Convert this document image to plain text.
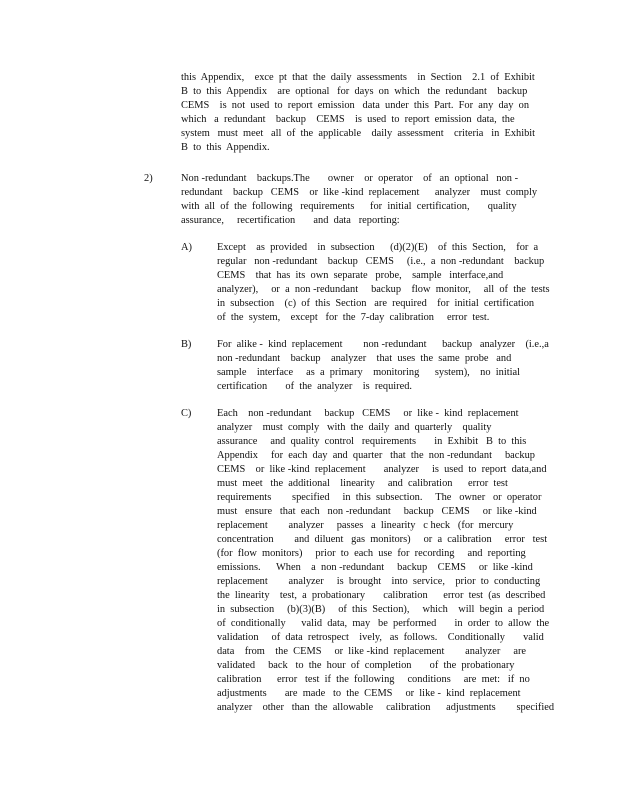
this  Appendix,    exce  pt  that  the  daily  assessments    in  Section    2.1  of  Exhibit
B  to  this  Appendix    are  optional   for  days  on  which   the  redundant    backup
CEMS    is  not  used  to  report  emission   data  under  this  Part.  For  any  day  on
which   a  redundant    backup    CEMS    is  used  to  report  emission  data,  the
system   must  meet   all  of  the  applicable    daily  assessment    criteria   in  Exhibit
B  to  this  Appendix.
2)	Non -redundant    backups.The       owner    or  operator    of   an  optional   non -
redundant    backup   CEMS    or  like -kind  replacement      analyzer    must  comply
with  all  of  the  following   requirements      for  initial  certification,       quality
assurance,     recertification       and  data   reporting:
A) Except    as  provided    in  subsection      (d)(2)(E)    of  this  Section,    for  a
regular   non -redundant    backup   CEMS     (i.e.,  a  non -redundant    backup
CEMS    that  has  its  own  separate   probe,    sample   interface,and
analyzer),     or  a  non -redundant     backup    flow  monitor,     all  of  the  tests
in  subsection    (c)  of  this  Section   are  required    for  initial  certification
of  the  system,    except   for  the  7-day  calibration     error  test.
B) For  alike -  kind  replacement        non -redundant      backup   analyzer    (i.e.,a
non -redundant    backup    analyzer    that  uses  the  same  probe   and
sample    interface     as  a  primary    monitoring      system),    no  initial
certification       of  the  analyzer    is  required.
C) Each    non -redundant     backup   CEMS     or  like -  kind  replacement
analyzer    must  comply   with  the  daily  and  quarterly    quality
assurance     and  quality  control   requirements       in  Exhibit   B  to  this
Appendix     for  each  day  and  quarter   that  the  non -redundant     backup
CEMS    or  like -kind  replacement       analyzer     is  used  to  report  data,and
must  meet   the  additional    linearity     and  calibration      error  test
requirements        specified     in  this  subsection.     The   owner   or  operator
must   ensure   that  each   non -redundant     backup   CEMS     or  like -kind
replacement        analyzer     passes   a  linearity   c heck   (for  mercury
concentration        and  diluent   gas  monitors)     or  a  calibration     error   test
(for  flow  monitors)     prior  to  each  use  for  recording     and  reporting
emissions.      When    a  non -redundant     backup    CEMS     or  like -kind
replacement        analyzer     is  brought    into  service,    prior  to  conducting
the  linearity    test,  a  probationary       calibration      error  test  (as  described
in  subsection     (b)(3)(B)     of  this  Section),     which    will  begin  a  period
of  conditionally      valid  data,  may   be  performed       in  order  to  allow  the
validation     of  data  retrospect    ively,   as  follows.    Conditionally       valid
data    from    the  CEMS     or  like -kind  replacement        analyzer     are
validated     back   to  the  hour  of  completion       of  the  probationary
calibration      error   test  if  the  following     conditions     are  met:   if  no
adjustments       are  made   to  the  CEMS     or  like -  kind  replacement
analyzer    other   than  the  allowable     calibration      adjustments        specified
